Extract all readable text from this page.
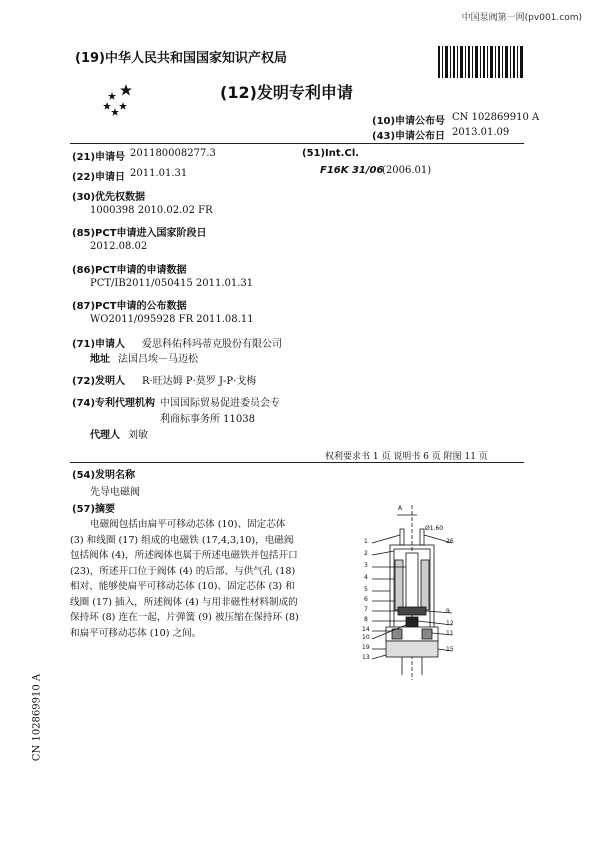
中国泵阀第一网(pv001.com)
(19)中华人民共和国国家知识产权局
(12)发明专利申请
(10)申请公布号 CN 102869910 A
(43)申请公布日 2013.01.09
(21)申请号 201180008277.3
(22)申请日 2011.01.31
(30)优先权数据
1000398 2010.02.02 FR
(85)PCT申请进入国家阶段日
2012.08.02
(86)PCT申请的申请数据
PCT/IB2011/050415 2011.01.31
(87)PCT申请的公布数据
WO2011/095928 FR 2011.08.11
(71)申请人 爱思科佑科玛蒂克股份有限公司
地址 法国吕埃－马迈松
(72)发明人 R·旺达姆 P·莫罗 J-P·戈梅
(74)专利代理机构 中国国际贸易促进委员会专
利商标事务所 11038
代理人 刘敏
(51)Int.Cl.
F16K 31/06
(2006.01)
权利要求书 1 页 说明书 6 页 附图 11 页
(54)发明名称
先导电磁阀
(57)摘要
电磁阀包括由扁平可移动芯体 (10)、固定芯体 (3) 和线圈 (17) 组成的电磁铁 (17,4,3,10)，电磁阀包括阀体 (4)，所述阀体也属于所述电磁铁并包括开口 (23)，所述开口位于阀体 (4) 的后部、与供气孔 (18) 相对、能够使扁平可移动芯体 (10)、固定芯体 (3) 和线圈 (17) 插入，所述阀体 (4) 与用非磁性材料制成的保持环 (8) 连在一起，片弹簧 (9) 被压缩在保持环 (8) 和扁平可移动芯体 (10) 之间。
A
Ø1.60
1
2
3
4
5
6
7
8
14
10
19
13
26
9
12
11
15
CN 102869910 A
